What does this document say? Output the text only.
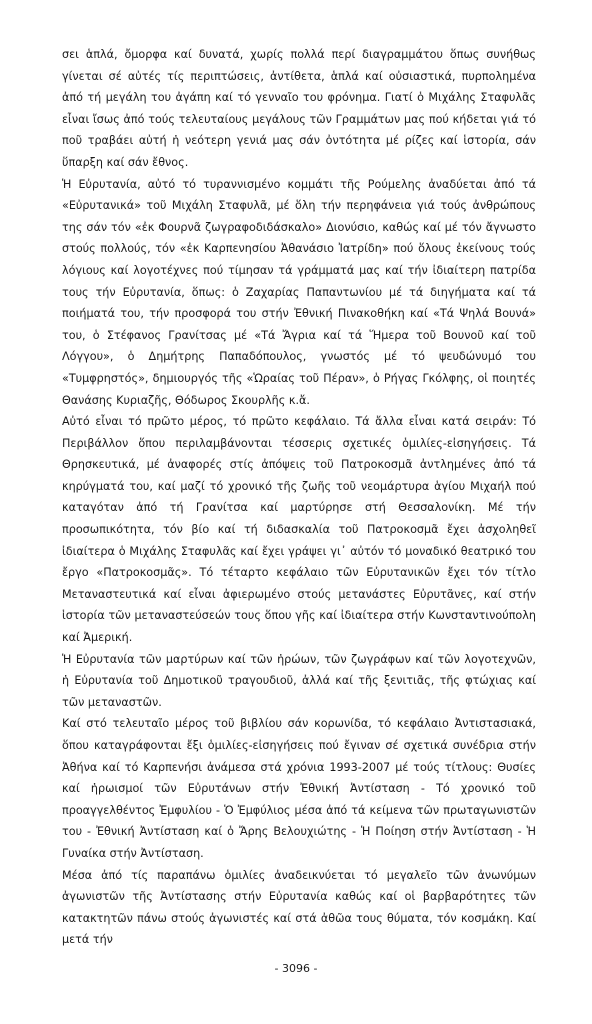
σει ἁπλά, ὄμορφα καί δυνατά, χωρίς πολλά περί διαγραμμάτου ὅπως συνήθως γίνεται σέ αὐτές τίς περιπτώσεις, ἀντίθετα, ἁπλά καί οὐσιαστικά, πυρπολημένα ἀπό τή μεγάλη του ἀγάπη καί τό γενναῖο του φρόνημα. Γιατί ὁ Μιχάλης Σταφυλᾶς εἶναι ἴσως ἀπό τούς τελευταίους μεγάλους τῶν Γραμμάτων μας πού κήδεται γιά τό ποῦ τραβάει αὐτή ἡ νεότερη γενιά μας σάν ὀντότητα μέ ρίζες καί ἱστορία, σάν ὕπαρξη καί σάν ἔθνος.

Ἡ Εὐρυτανία, αὐτό τό τυραννισμένο κομμάτι τῆς Ρούμελης ἀναδύεται ἀπό τά «Εὐρυτανικά» τοῦ Μιχάλη Σταφυλᾶ, μέ ὅλη τήν περηφάνεια γιά τούς ἀνθρώπους της σάν τόν «ἐκ Φουρνᾶ ζωγραφοδιδάσκαλο» Διονύσιο, καθώς καί μέ τόν ἄγνωστο στούς πολλούς, τόν «ἐκ Καρπενησίου Ἀθανάσιο Ἰατρίδη» πού ὅλους ἐκείνους τούς λόγιους καί λογοτέχνες πού τίμησαν τά γράμματά μας καί τήν ἰδιαίτερη πατρίδα τους τήν Εὐρυτανία, ὅπως: ὁ Ζαχαρίας Παπαντωνίου μέ τά διηγήματα καί τά ποιήματά του, τήν προσφορά του στήν Ἐθνική Πινακοθήκη καί «Τά Ψηλά Βουνά» του, ὁ Στέφανος Γρανίτσας μέ «Τά Ἄγρια καί τά Ἥμερα τοῦ Βουνοῦ καί τοῦ Λόγγου», ὁ Δημήτρης Παπαδόπουλος, γνωστός μέ τό ψευδώνυμό του «Τυμφρηστός», δημιουργός τῆς «Ὡραίας τοῦ Πέραν», ὁ Ρήγας Γκόλφης, οἱ ποιητές Θανάσης Κυριαζῆς, Θόδωρος Σκουρλῆς κ.ἄ.

Αὐτό εἶναι τό πρῶτο μέρος, τό πρῶτο κεφάλαιο. Τά ἄλλα εἶναι κατά σειράν: Τό Περιβάλλον ὅπου περιλαμβάνονται τέσσερις σχετικές ὁμιλίες-εἰσηγήσεις. Τά Θρησκευτικά, μέ ἀναφορές στίς ἀπόψεις τοῦ Πατροκοσμᾶ ἀντλημένες ἀπό τά κηρύγματά του, καί μαζί τό χρονικό τῆς ζωῆς τοῦ νεομάρτυρα ἁγίου Μιχαήλ πού καταγόταν ἀπό τή Γρανίτσα καί μαρτύρησε στή Θεσσαλονίκη. Μέ τήν προσωπικότητα, τόν βίο καί τή διδασκαλία τοῦ Πατροκοσμᾶ ἔχει ἀσχοληθεῖ ἰδιαίτερα ὁ Μιχάλης Σταφυλᾶς καί ἔχει γράψει γι᾽ αὐτόν τό μοναδικό θεατρικό του ἔργο «Πατροκοσμᾶς». Τό τέταρτο κεφάλαιο τῶν Εὐρυτανικῶν ἔχει τόν τίτλο Μεταναστευτικά καί εἶναι ἀφιερωμένο στούς μετανάστες Εὐρυτᾶνες, καί στήν ἱστορία τῶν μεταναστεύσεών τους ὅπου γῆς καί ἰδιαίτερα στήν Κωνσταντινούπολη καί Ἀμερική.

Ἡ Εὐρυτανία τῶν μαρτύρων καί τῶν ἡρώων, τῶν ζωγράφων καί τῶν λογοτεχνῶν, ἡ Εὐρυτανία τοῦ Δημοτικοῦ τραγουδιοῦ, ἀλλά καί τῆς ξενιτιᾶς, τῆς φτώχιας καί τῶν μεταναστῶν.

Καί στό τελευταῖο μέρος τοῦ βιβλίου σάν κορωνίδα, τό κεφάλαιο Ἀντιστασιακά, ὅπου καταγράφονται ἔξι ὁμιλίες-εἰσηγήσεις πού ἔγιναν σέ σχετικά συνέδρια στήν Ἀθήνα καί τό Καρπενήσι ἀνάμεσα στά χρόνια 1993-2007 μέ τούς τίτλους: Θυσίες καί ἡρωισμοί τῶν Εὐρυτάνων στήν Ἐθνική Ἀντίσταση - Τό χρονικό τοῦ προαγγελθέντος Ἐμφυλίου - Ὁ Ἐμφύλιος μέσα ἀπό τά κείμενα τῶν πρωταγωνιστῶν του - Ἐθνική Ἀντίσταση καί ὁ Ἄρης Βελουχιώτης - Ἡ Ποίηση στήν Ἀντίσταση - Ἡ Γυναίκα στήν Ἀντίσταση.

Μέσα ἀπό τίς παραπάνω ὁμιλίες ἀναδεικνύεται τό μεγαλεῖο τῶν ἀνωνύμων ἀγωνιστῶν τῆς Ἀντίστασης στήν Εὐρυτανία καθώς καί οἱ βαρβαρότητες τῶν κατακτητῶν πάνω στούς ἀγωνιστές καί στά ἀθῶα τους θύματα, τόν κοσμάκη. Καί μετά τήν

- 3096 -
